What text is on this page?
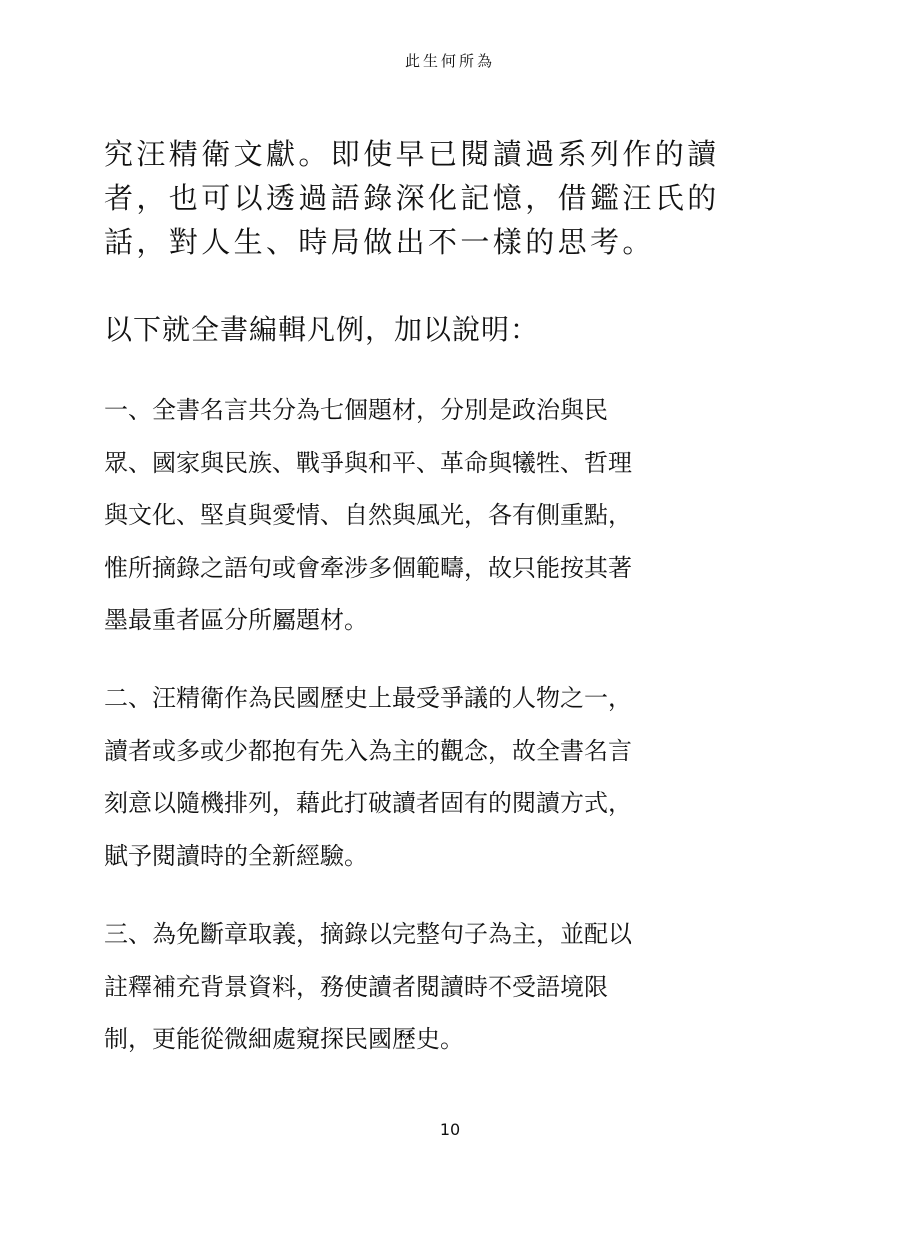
此生何所為

究汪精衛文獻。即使早已閱讀過系列作的讀

者，也可以透過語錄深化記憶，借鑑汪氏的

話，對人生、時局做出不一樣的思考。

以下就全書編輯凡例，加以說明：
一、全書名言共分為七個題材，分別是政治與民
眾、國家與民族、戰爭與和平、革命與犧牲、哲理
與文化、堅貞與愛情、自然與風光，各有側重點，
惟所摘錄之語句或會牽涉多個範疇，故只能按其著
墨最重者區分所屬題材。
二、汪精衛作為民國歷史上最受爭議的人物之一，
讀者或多或少都抱有先入為主的觀念，故全書名言
刻意以隨機排列，藉此打破讀者固有的閱讀方式，
賦予閱讀時的全新經驗。
三、為免斷章取義，摘錄以完整句子為主，並配以
註釋補充背景資料，務使讀者閱讀時不受語境限
制，更能從微細處窺探民國歷史。
10
